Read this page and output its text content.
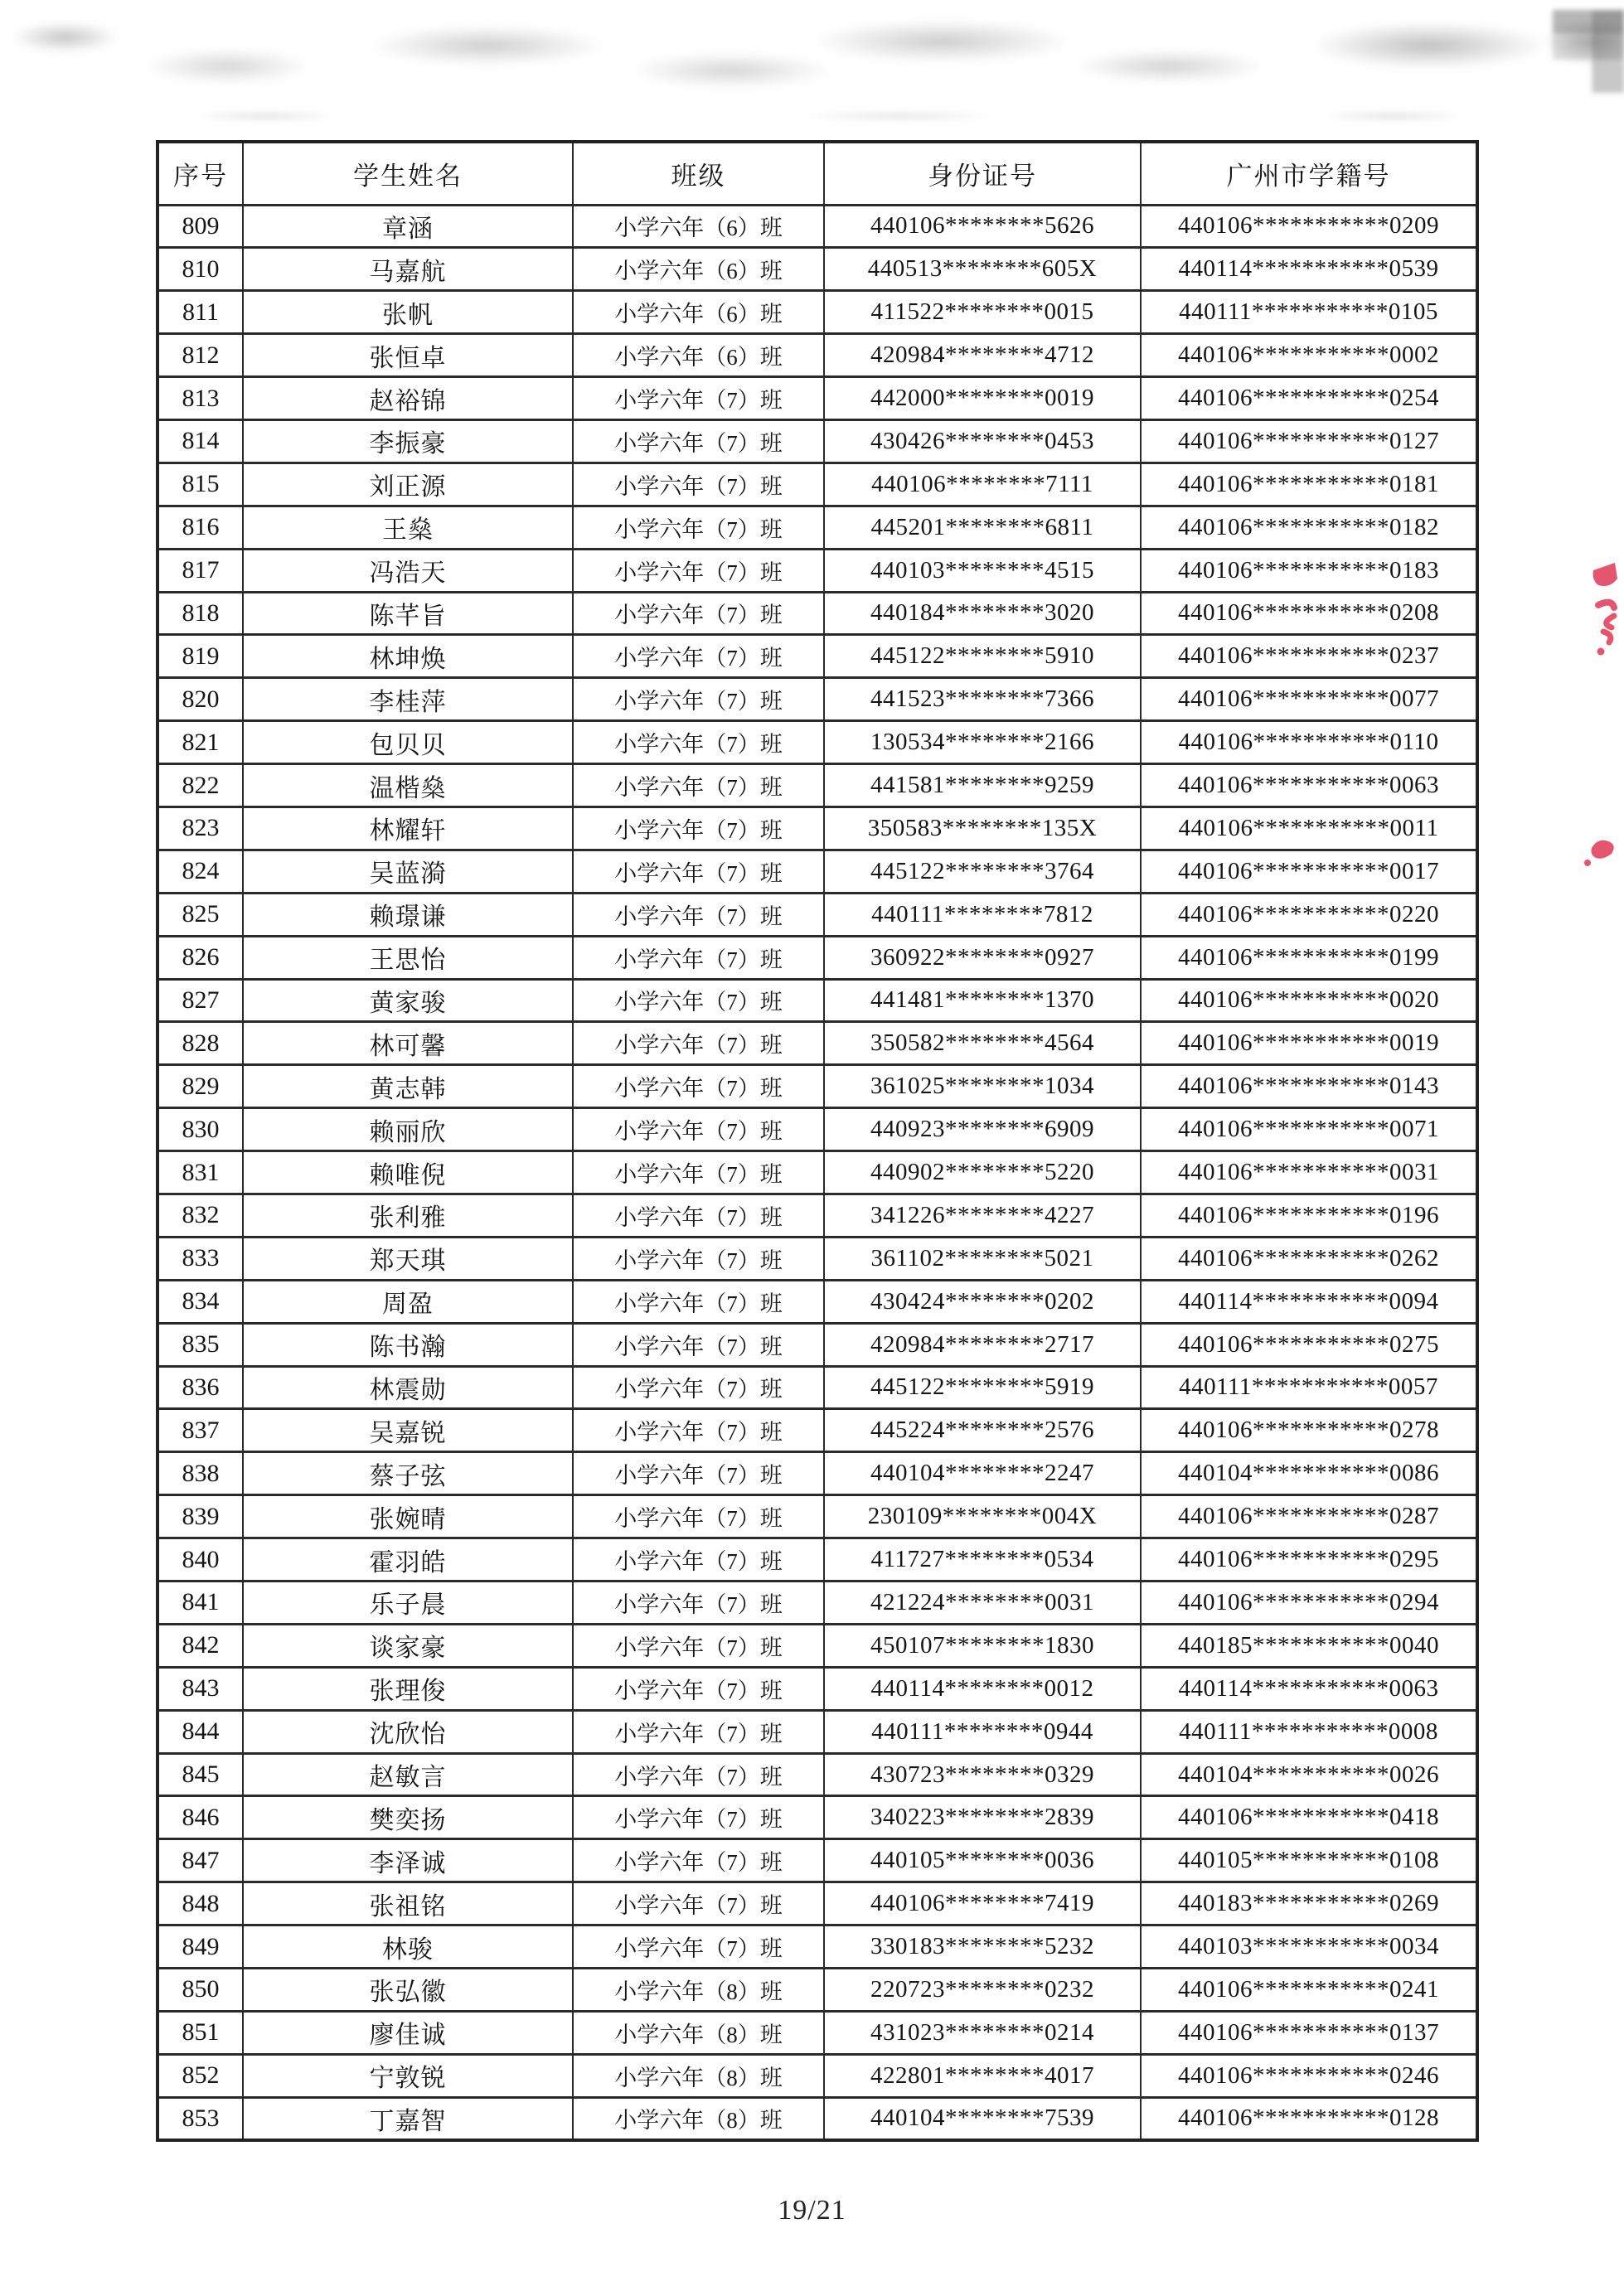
序号	学生姓名	班级	身份证号	广州市学籍号
809	章涵	小学六年（6）班	440106********5626	440106***********0209
810	马嘉航	小学六年（6）班	440513********605X	440114***********0539
811	张帆	小学六年（6）班	411522********0015	440111***********0105
812	张恒卓	小学六年（6）班	420984********4712	440106***********0002
813	赵裕锦	小学六年（7）班	442000********0019	440106***********0254
814	李振豪	小学六年（7）班	430426********0453	440106***********0127
815	刘正源	小学六年（7）班	440106********7111	440106***********0181
816	王燊	小学六年（7）班	445201********6811	440106***********0182
817	冯浩天	小学六年（7）班	440103********4515	440106***********0183
818	陈芊旨	小学六年（7）班	440184********3020	440106***********0208
819	林坤焕	小学六年（7）班	445122********5910	440106***********0237
820	李桂萍	小学六年（7）班	441523********7366	440106***********0077
821	包贝贝	小学六年（7）班	130534********2166	440106***********0110
822	温楷燊	小学六年（7）班	441581********9259	440106***********0063
823	林耀轩	小学六年（7）班	350583********135X	440106***********0011
824	吴蓝漪	小学六年（7）班	445122********3764	440106***********0017
825	赖璟谦	小学六年（7）班	440111********7812	440106***********0220
826	王思怡	小学六年（7）班	360922********0927	440106***********0199
827	黄家骏	小学六年（7）班	441481********1370	440106***********0020
828	林可馨	小学六年（7）班	350582********4564	440106***********0019
829	黄志韩	小学六年（7）班	361025********1034	440106***********0143
830	赖丽欣	小学六年（7）班	440923********6909	440106***********0071
831	赖唯倪	小学六年（7）班	440902********5220	440106***********0031
832	张利雅	小学六年（7）班	341226********4227	440106***********0196
833	郑天琪	小学六年（7）班	361102********5021	440106***********0262
834	周盈	小学六年（7）班	430424********0202	440114***********0094
835	陈书瀚	小学六年（7）班	420984********2717	440106***********0275
836	林震勋	小学六年（7）班	445122********5919	440111***********0057
837	吴嘉锐	小学六年（7）班	445224********2576	440106***********0278
838	蔡子弦	小学六年（7）班	440104********2247	440104***********0086
839	张婉晴	小学六年（7）班	230109********004X	440106***********0287
840	霍羽皓	小学六年（7）班	411727********0534	440106***********0295
841	乐子晨	小学六年（7）班	421224********0031	440106***********0294
842	谈家豪	小学六年（7）班	450107********1830	440185***********0040
843	张理俊	小学六年（7）班	440114********0012	440114***********0063
844	沈欣怡	小学六年（7）班	440111********0944	440111***********0008
845	赵敏言	小学六年（7）班	430723********0329	440104***********0026
846	樊奕扬	小学六年（7）班	340223********2839	440106***********0418
847	李泽诚	小学六年（7）班	440105********0036	440105***********0108
848	张祖铭	小学六年（7）班	440106********7419	440183***********0269
849	林骏	小学六年（7）班	330183********5232	440103***********0034
850	张弘徽	小学六年（8）班	220723********0232	440106***********0241
851	廖佳诚	小学六年（8）班	431023********0214	440106***********0137
852	宁敦锐	小学六年（8）班	422801********4017	440106***********0246
853	丁嘉智	小学六年（8）班	440104********7539	440106***********0128
19/21
